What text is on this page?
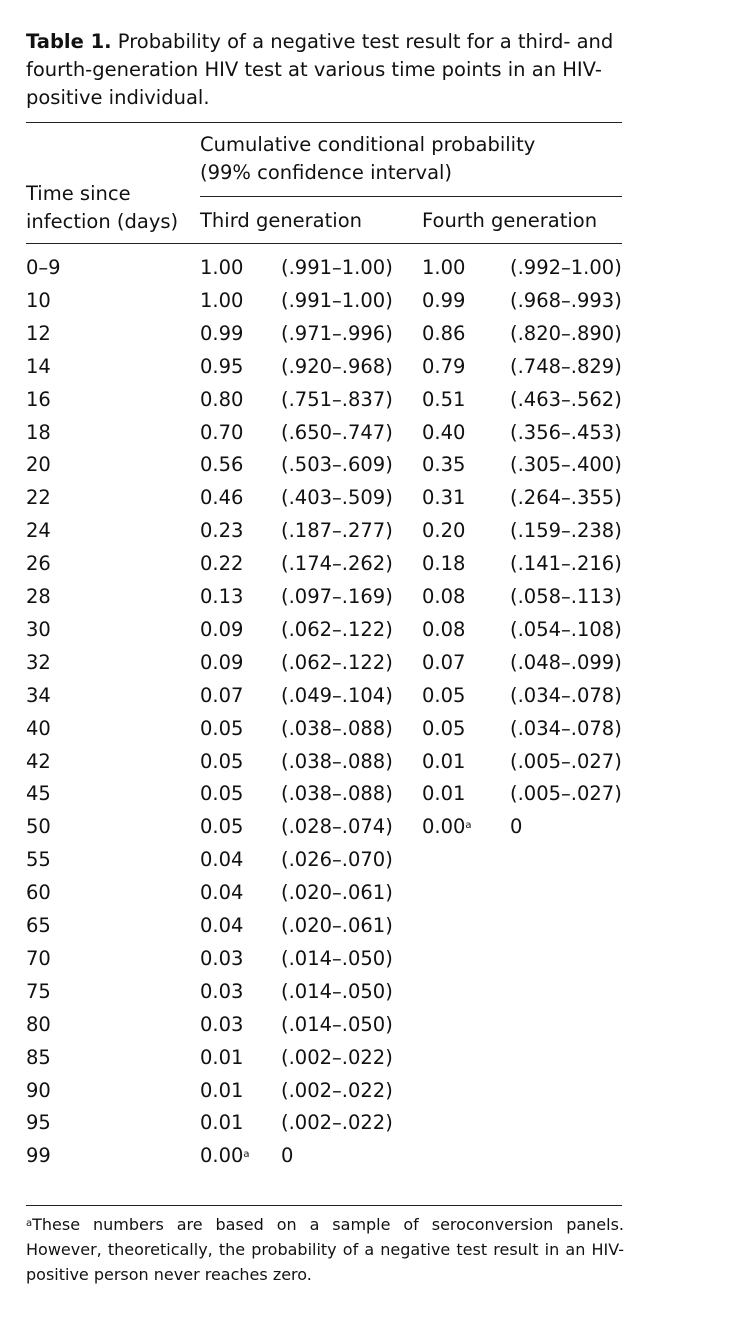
Table 1. Probability of a negative test result for a third- and fourth-generation HIV test at various time points in an HIV-positive individual.
Cumulative conditional probability (99% confidence interval)
Time since infection (days)	Third generation	Fourth generation
0–9	1.00 (.991–1.00) 1.00 (.992–1.00)
10	1.00 (.991–1.00) 0.99 (.968–.993)
12	0.99 (.971–.996) 0.86 (.820–.890)
14	0.95 (.920–.968) 0.79 (.748–.829)
16	0.80 (.751–.837) 0.51 (.463–.562)
18	0.70 (.650–.747) 0.40 (.356–.453)
20	0.56 (.503–.609) 0.35 (.305–.400)
22	0.46 (.403–.509) 0.31 (.264–.355)
24	0.23 (.187–.277) 0.20 (.159–.238)
26	0.22 (.174–.262) 0.18 (.141–.216)
28	0.13 (.097–.169) 0.08 (.058–.113)
30	0.09 (.062–.122) 0.08 (.054–.108)
32	0.09 (.062–.122) 0.07 (.048–.099)
34	0.07 (.049–.104) 0.05 (.034–.078)
40	0.05 (.038–.088) 0.05 (.034–.078)
42	0.05 (.038–.088) 0.01 (.005–.027)
45	0.05 (.038–.088) 0.01 (.005–.027)
50	0.05 (.028–.074) 0.00$^a$ 0
55	0.04 (.026–.070)
60	0.04 (.020–.061)
65	0.04 (.020–.061)
70	0.03 (.014–.050)
75	0.03 (.014–.050)
80	0.03 (.014–.050)
85	0.01 (.002–.022)
90	0.01 (.002–.022)
95	0.01 (.002–.022)
99	0.00$^a$ 0
$^a$These numbers are based on a sample of seroconversion panels. However, theoretically, the probability of a negative test result in an HIV-positive person never reaches zero.
